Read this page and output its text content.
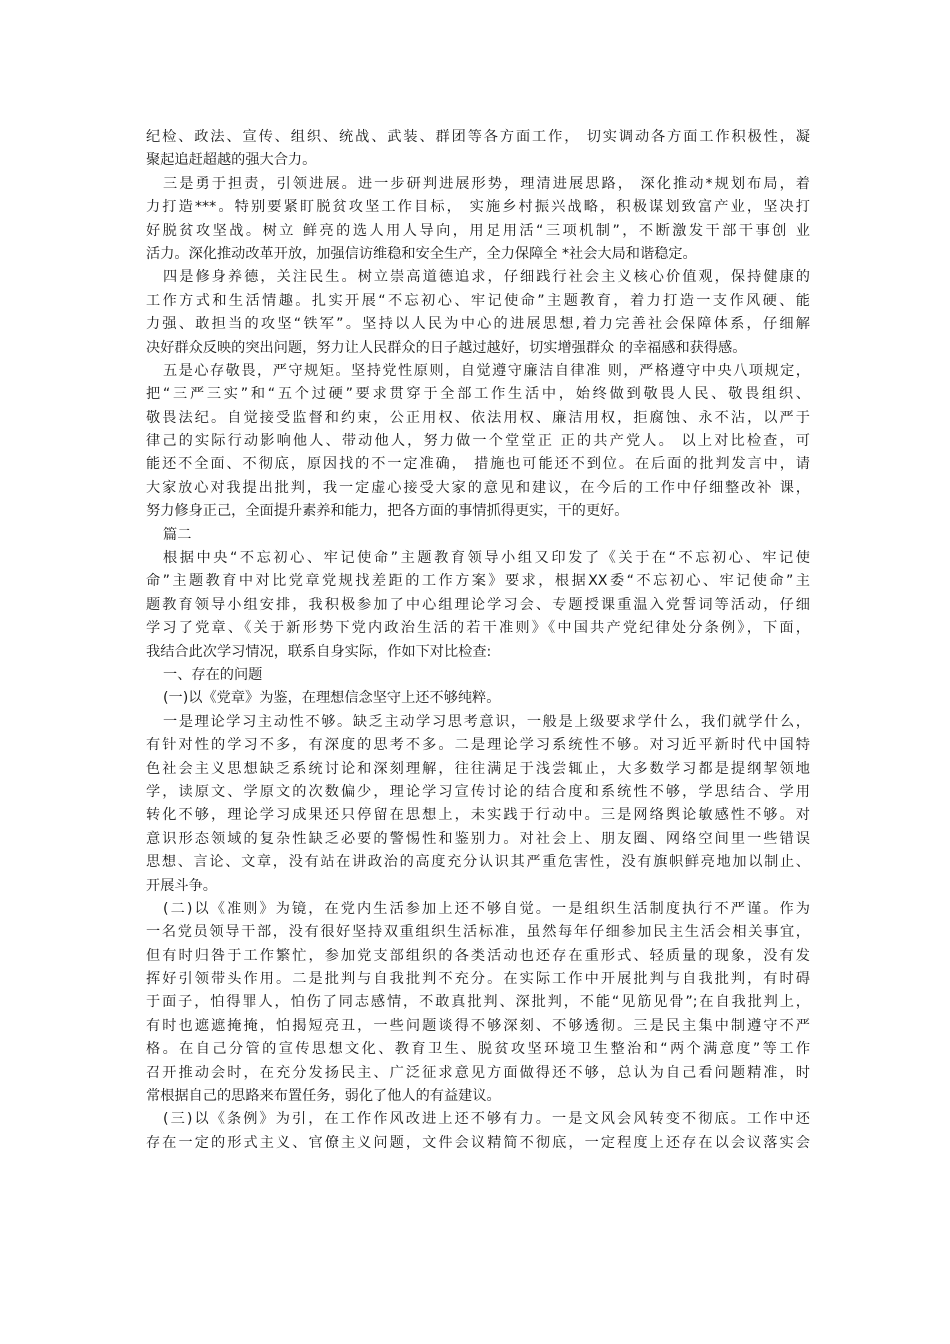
纪检、政法、宣传、组织、统战、武装、群团等各方面工作， 切实调动各方面工作积极性，凝
聚起追赶超越的强大合力。
三是勇于担责，引领进展。进一步研判进展形势，理清进展思路， 深化推动*规划布局，着
力打造***。特别要紧盯脱贫攻坚工作目标， 实施乡村振兴战略，积极谋划致富产业，坚决打
好脱贫攻坚战。树立 鲜亮的选人用人导向，用足用活“三项机制”，不断激发干部干事创 业
活力。深化推动改革开放，加强信访维稳和安全生产，全力保障全 *社会大局和谐稳定。
四是修身养德，关注民生。树立崇高道德追求，仔细践行社会主义核心价值观，保持健康的
工作方式和生活情趣。扎实开展“不忘初心、牢记使命”主题教育，着力打造一支作风硬、能
力强、敢担当的攻坚“铁军”。坚持以人民为中心的进展思想,着力完善社会保障体系，仔细解
决好群众反映的突出问题，努力让人民群众的日子越过越好，切实增强群众 的幸福感和获得感。
五是心存敬畏，严守规矩。坚持党性原则，自觉遵守廉洁自律准 则，严格遵守中央八项规定，
把“三严三实”和“五个过硬”要求贯穿于全部工作生活中，始终做到敬畏人民、敬畏组织、
敬畏法纪。自觉接受监督和约束，公正用权、依法用权、廉洁用权，拒腐蚀、永不沾，以严于
律己的实际行动影响他人、带动他人，努力做一个堂堂正 正的共产党人。 以上对比检查，可
能还不全面、不彻底，原因找的不一定准确， 措施也可能还不到位。在后面的批判发言中，请
大家放心对我提出批判，我一定虚心接受大家的意见和建议，在今后的工作中仔细整改补 课，
努力修身正己，全面提升素养和能力，把各方面的事情抓得更实，干的更好。
篇二
根据中央“不忘初心、牢记使命”主题教育领导小组又印发了《关于在“不忘初心、牢记使
命”主题教育中对比党章党规找差距的工作方案》要求，根据XX委“不忘初心、牢记使命”主
题教育领导小组安排，我积极参加了中心组理论学习会、专题授课重温入党誓词等活动，仔细
学习了党章、《关于新形势下党内政治生活的若干准则》《中国共产党纪律处分条例》，下面，
我结合此次学习情况，联系自身实际，作如下对比检查:
一、存在的问题
(一)以《党章》为鉴，在理想信念坚守上还不够纯粹。
一是理论学习主动性不够。缺乏主动学习思考意识，一般是上级要求学什么，我们就学什么，
有针对性的学习不多，有深度的思考不多。二是理论学习系统性不够。对习近平新时代中国特
色社会主义思想缺乏系统讨论和深刻理解，往往满足于浅尝辄止，大多数学习都是提纲挈领地
学，读原文、学原文的次数偏少，理论学习宣传讨论的结合度和系统性不够，学思结合、学用
转化不够，理论学习成果还只停留在思想上，未实践于行动中。三是网络舆论敏感性不够。对
意识形态领域的复杂性缺乏必要的警惕性和鉴别力。对社会上、朋友圈、网络空间里一些错误
思想、言论、文章，没有站在讲政治的高度充分认识其严重危害性，没有旗帜鲜亮地加以制止、
开展斗争。
(二)以《准则》为镜，在党内生活参加上还不够自觉。一是组织生活制度执行不严谨。作为
一名党员领导干部，没有很好坚持双重组织生活标准，虽然每年仔细参加民主生活会相关事宜，
但有时归咎于工作繁忙，参加党支部组织的各类活动也还存在重形式、轻质量的现象，没有发
挥好引领带头作用。二是批判与自我批判不充分。在实际工作中开展批判与自我批判，有时碍
于面子，怕得罪人，怕伤了同志感情，不敢真批判、深批判，不能“见筋见骨”;在自我批判上，
有时也遮遮掩掩，怕揭短亮丑，一些问题谈得不够深刻、不够透彻。三是民主集中制遵守不严
格。在自己分管的宣传思想文化、教育卫生、脱贫攻坚环境卫生整治和“两个满意度”等工作
召开推动会时，在充分发扬民主、广泛征求意见方面做得还不够，总认为自己看问题精准，时
常根据自己的思路来布置任务，弱化了他人的有益建议。
(三)以《条例》为引，在工作作风改进上还不够有力。一是文风会风转变不彻底。工作中还
存在一定的形式主义、官僚主义问题，文件会议精简不彻底，一定程度上还存在以会议落实会
